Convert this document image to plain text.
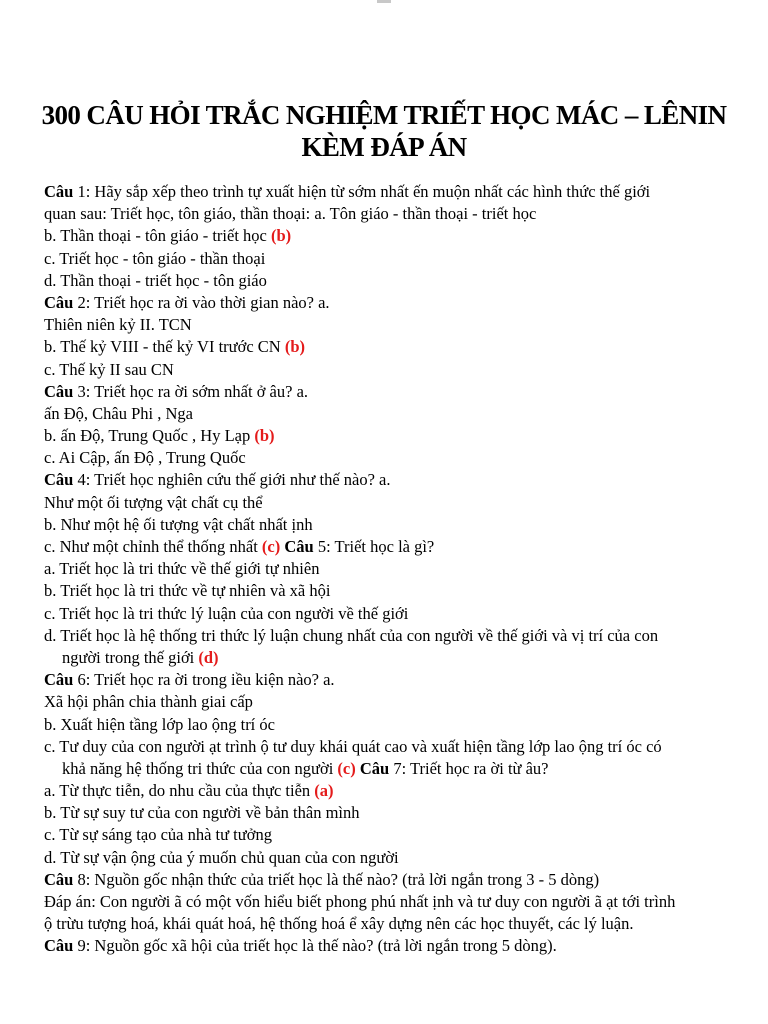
300 CÂU HỎI TRẮC NGHIỆM TRIẾT HỌC MÁC – LÊNIN
KÈM ĐÁP ÁN
Câu 1: Hãy sắp xếp theo trình tự xuất hiện từ sớm nhất ến muộn nhất các hình thức thế giới
quan sau: Triết học, tôn giáo, thần thoại: a. Tôn giáo - thần thoại - triết học
b. Thần thoại - tôn giáo - triết học (b)
c. Triết học - tôn giáo - thần thoại
d. Thần thoại - triết học - tôn giáo
Câu 2: Triết học ra ời vào thời gian nào? a.
Thiên niên kỷ II. TCN
b. Thế kỷ VIII - thế kỷ VI trước CN (b)
c. Thế kỷ II sau CN
Câu 3: Triết học ra ời sớm nhất ở âu? a.
ấn Độ, Châu Phi , Nga
b. ấn Độ, Trung Quốc , Hy Lạp (b)
c. Ai Cập, ấn Độ , Trung Quốc
Câu 4: Triết học nghiên cứu thế giới như thế nào? a.
Như một ối tượng vật chất cụ thể
b. Như một hệ ối tượng vật chất nhất ịnh
c. Như một chỉnh thể thống nhất (c) Câu 5: Triết học là gì?
a. Triết học là tri thức về thế giới tự nhiên
b. Triết học là tri thức về tự nhiên và xã hội
c. Triết học là tri thức lý luận của con người về thế giới
d. Triết học là hệ thống tri thức lý luận chung nhất của con người về thế giới và vị trí của con
người trong thế giới (d)
Câu 6: Triết học ra ời trong iều kiện nào? a.
Xã hội phân chia thành giai cấp
b. Xuất hiện tầng lớp lao ộng trí óc
c. Tư duy của con người ạt trình ộ tư duy khái quát cao và xuất hiện tầng lớp lao ộng trí óc có
khả năng hệ thống tri thức của con người (c) Câu 7: Triết học ra ời từ âu?
a. Từ thực tiễn, do nhu cầu của thực tiễn (a)
b. Từ sự suy tư của con người về bản thân mình
c. Từ sự sáng tạo của nhà tư tưởng
d. Từ sự vận ộng của ý muốn chủ quan của con người
Câu 8: Nguồn gốc nhận thức của triết học là thế nào? (trả lời ngắn trong 3 - 5 dòng)
Đáp án: Con người ã có một vốn hiểu biết phong phú nhất ịnh và tư duy con người ã ạt tới trình
ộ trừu tượng hoá, khái quát hoá, hệ thống hoá ể xây dựng nên các học thuyết, các lý luận.
Câu 9: Nguồn gốc xã hội của triết học là thế nào? (trả lời ngắn trong 5 dòng).
